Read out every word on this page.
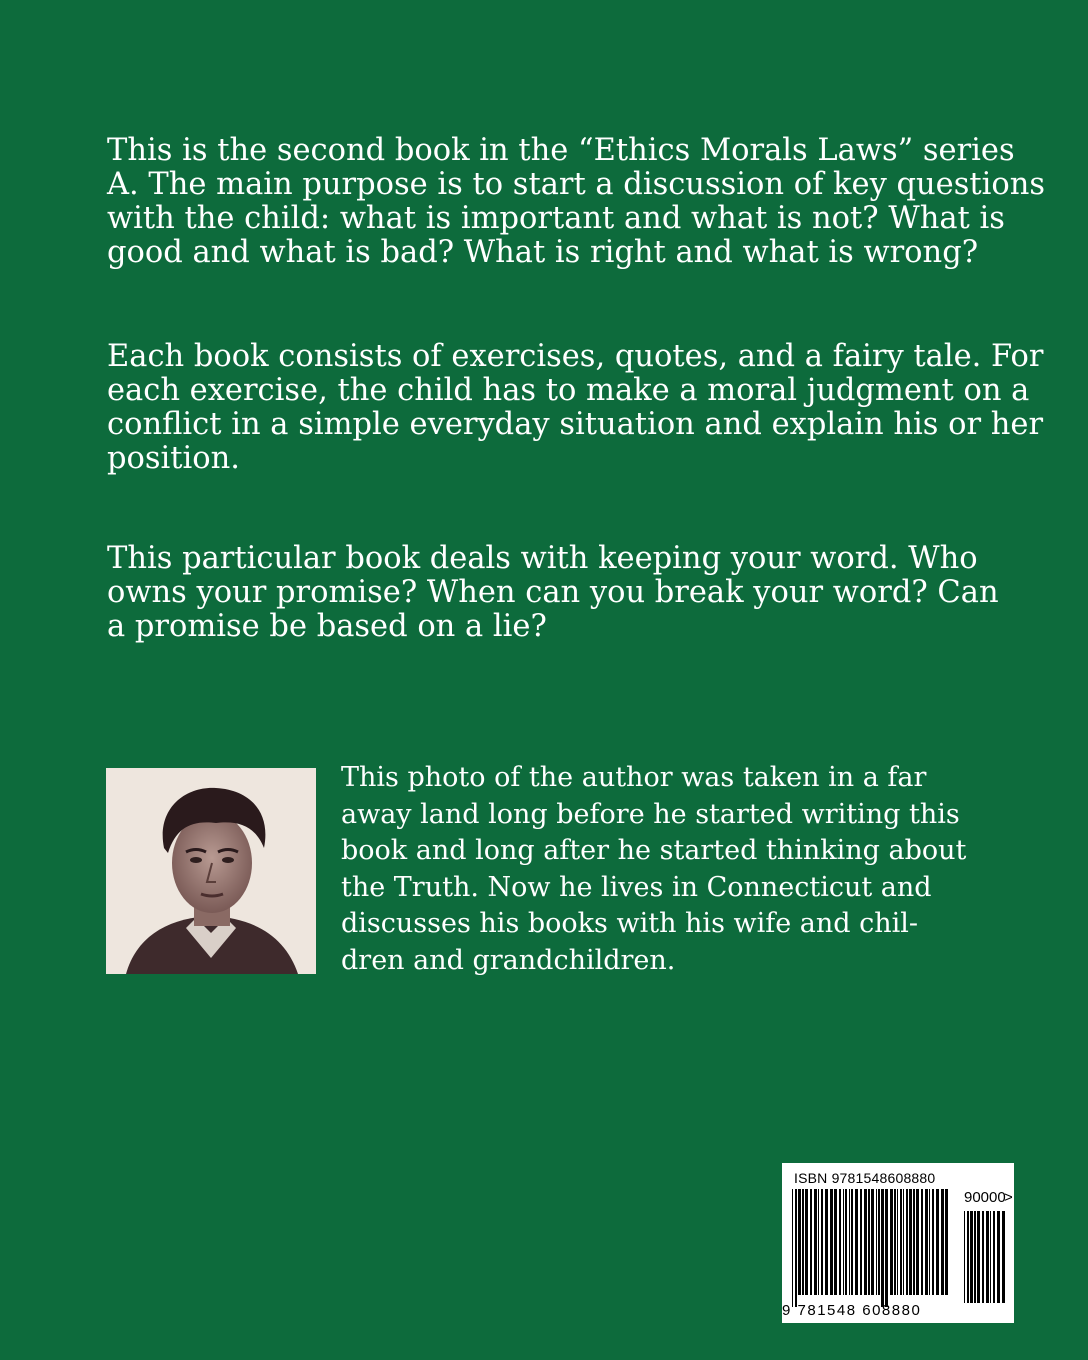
This is the second book in the “Ethics Morals Laws” series
A. The main purpose is to start a discussion of key questions
with the child: what is important and what is not? What is
good and what is bad? What is right and what is wrong?
Each book consists of exercises, quotes, and a fairy tale. For
each exercise, the child has to make a moral judgment on a
conflict in a simple everyday situation and explain his or her
position.
This particular book deals with keeping your word. Who
owns your promise? When can you break your word? Can
a promise be based on a lie?
This photo of the author was taken in a far
away land long before he started writing this
book and long after he started thinking about
the Truth. Now he lives in Connecticut and
discusses his books with his wife and chil-
dren and grandchildren.
ISBN 9781548608880
9 781548 608880
90000
>
